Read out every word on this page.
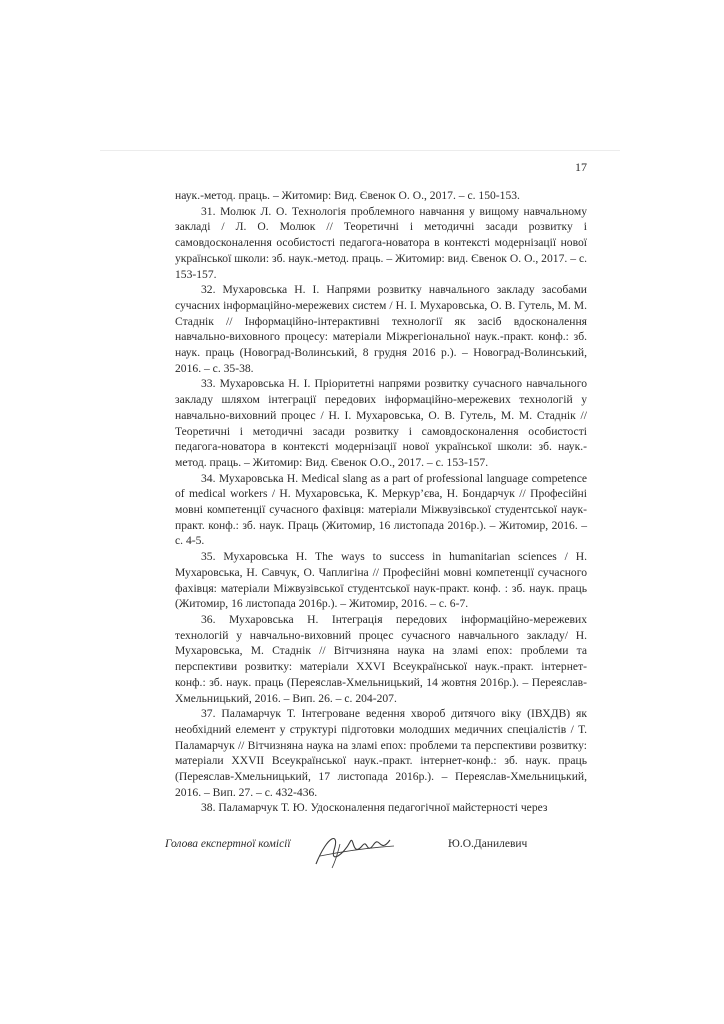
17

наук.-метод. праць. – Житомир: Вид. Євенок О. О., 2017. – с. 150-153.

31. Молюк Л. О. Технологія проблемного навчання у вищому навчальному закладі / Л. О. Молюк // Теоретичні і методичні засади розвитку і самовдосконалення особистості педагога-новатора в контексті модернізації нової української школи: зб. наук.-метод. праць. – Житомир: вид. Євенок О. О., 2017. – с. 153-157.

32. Мухаровська Н. І. Напрями розвитку навчального закладу засобами сучасних інформаційно-мережевих систем / Н. І. Мухаровська, О. В. Гутель, М. М. Стаднік // Інформаційно-інтерактивні технології як засіб вдосконалення навчально-виховного процесу: матеріали Міжрегіональної наук.-практ. конф.: зб. наук. праць (Новоград-Волинський, 8 грудня 2016 р.). – Новоград-Волинський, 2016. – с. 35-38.

33. Мухаровська Н. І. Пріоритетні напрями розвитку сучасного навчального закладу шляхом інтеграції передових інформаційно-мережевих технологій у навчально-виховний процес / Н. І. Мухаровська, О. В. Гутель, М. М. Стаднік // Теоретичні і методичні засади розвитку і самовдосконалення особистості педагога-новатора в контексті модернізації нової української школи: зб. наук.-метод. праць. – Житомир: Вид. Євенок О.О., 2017. – с. 153-157.

34. Мухаровська Н. Medical slang as a part of professional language competence of medical workers / Н. Мухаровська, К. Меркур’єва, Н. Бондарчук // Професійні мовні компетенції сучасного фахівця: матеріали Міжвузівської студентської наук-практ. конф.: зб. наук. Праць (Житомир, 16 листопада 2016р.). – Житомир, 2016. – с. 4-5.

35. Мухаровська Н. The ways to success in humanitarian sciences / Н. Мухаровська, Н. Савчук, О. Чаплигіна // Професійні мовні компетенції сучасного фахівця: матеріали Міжвузівської студентської наук-практ. конф. : зб. наук. праць (Житомир, 16 листопада 2016р.). – Житомир, 2016. – с. 6-7.

36. Мухаровська Н. Інтеграція передових інформаційно-мережевих технологій у навчально-виховний процес сучасного навчального закладу/ Н. Мухаровська, М. Стаднік // Вітчизняна наука на зламі епох: проблеми та перспективи розвитку: матеріали XXVI Всеукраїнської наук.-практ. інтернет-конф.: зб. наук. праць (Переяслав-Хмельницький, 14 жовтня 2016р.). – Переяслав-Хмельницький, 2016. – Вип. 26. – с. 204-207.

37. Паламарчук Т. Інтегроване ведення хвороб дитячого віку (ІВХДВ) як необхідний елемент у структурі підготовки молодших медичних спеціалістів / Т. Паламарчук // Вітчизняна наука на зламі епох: проблеми та перспективи розвитку: матеріали XXVII Всеукраїнської наук.-практ. інтернет-конф.: зб. наук. праць (Переяслав-Хмельницький, 17 листопада 2016р.). – Переяслав-Хмельницький, 2016. – Вип. 27. – с. 432-436.

38. Паламарчук Т. Ю. Удосконалення педагогічної майстерності через

Голова експертної комісії	Ю.О.Данилевич
